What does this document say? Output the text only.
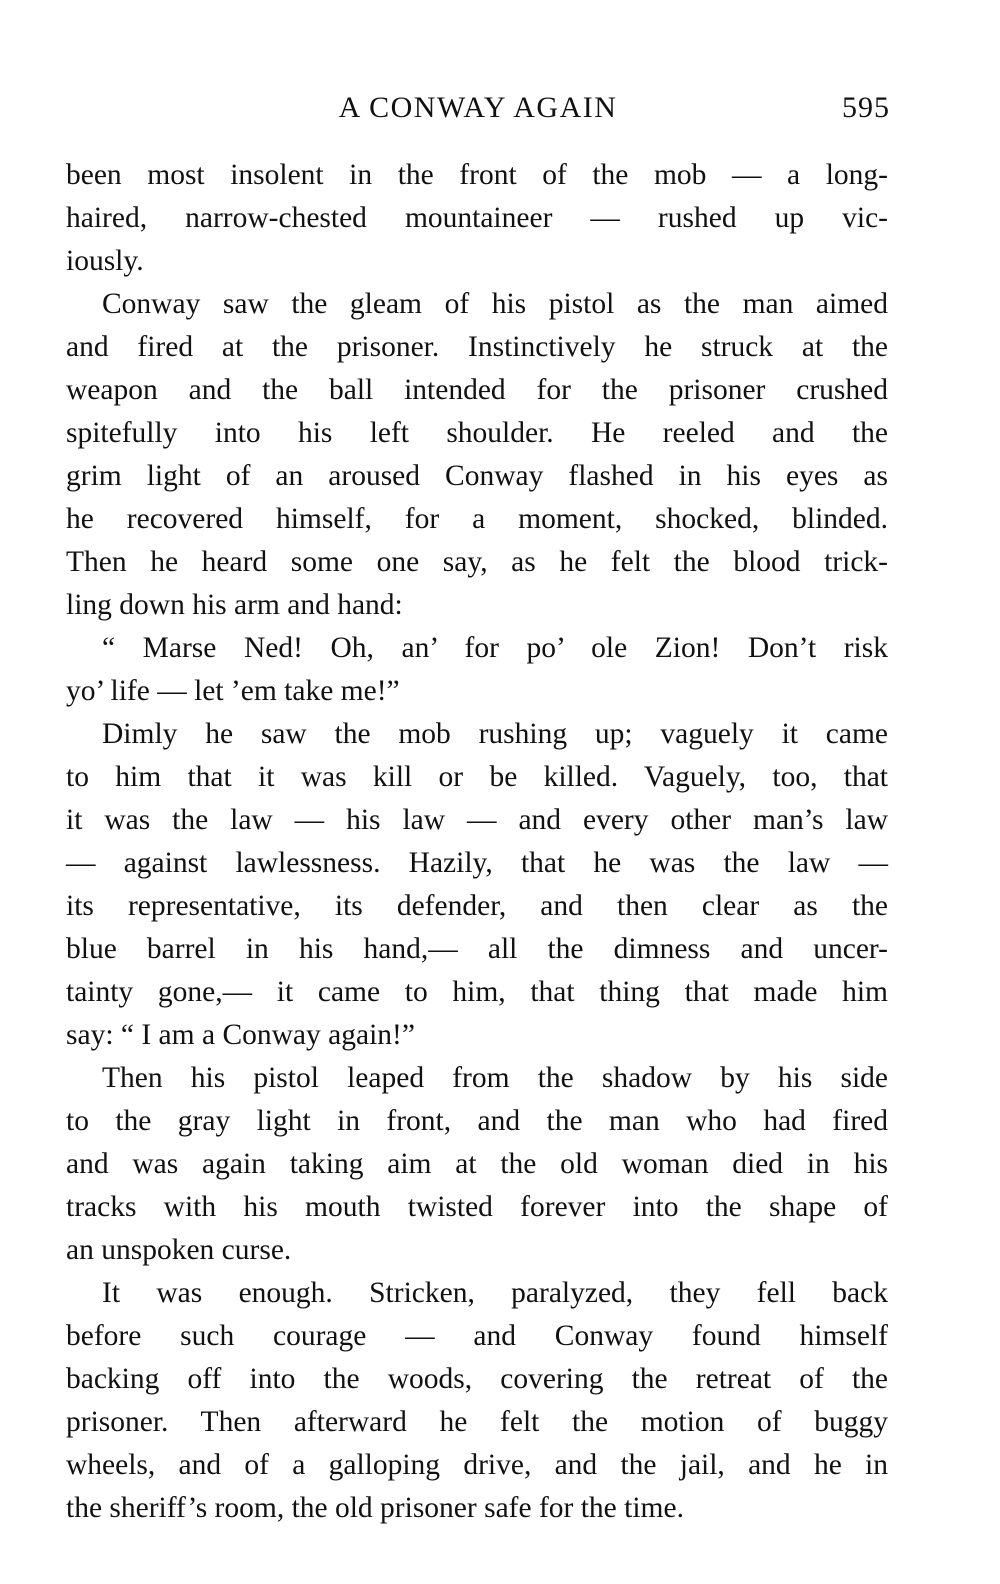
A CONWAY AGAIN	595
been most insolent in the front of the mob — a long-
haired, narrow-chested mountaineer — rushed up vic-
iously.
Conway saw the gleam of his pistol as the man aimed
and fired at the prisoner. Instinctively he struck at the
weapon and the ball intended for the prisoner crushed
spitefully into his left shoulder. He reeled and the
grim light of an aroused Conway flashed in his eyes as
he recovered himself, for a moment, shocked, blinded.
Then he heard some one say, as he felt the blood trick-
ling down his arm and hand:
“ Marse Ned! Oh, an’ for po’ ole Zion! Don’t risk
yo’ life — let ’em take me!”
Dimly he saw the mob rushing up; vaguely it came
to him that it was kill or be killed. Vaguely, too, that
it was the law — his law — and every other man’s law
— against lawlessness. Hazily, that he was the law —
its representative, its defender, and then clear as the
blue barrel in his hand,— all the dimness and uncer-
tainty gone,— it came to him, that thing that made him
say: “ I am a Conway again!”
Then his pistol leaped from the shadow by his side
to the gray light in front, and the man who had fired
and was again taking aim at the old woman died in his
tracks with his mouth twisted forever into the shape of
an unspoken curse.
It was enough. Stricken, paralyzed, they fell back
before such courage — and Conway found himself
backing off into the woods, covering the retreat of the
prisoner. Then afterward he felt the motion of buggy
wheels, and of a galloping drive, and the jail, and he in
the sheriff’s room, the old prisoner safe for the time.
